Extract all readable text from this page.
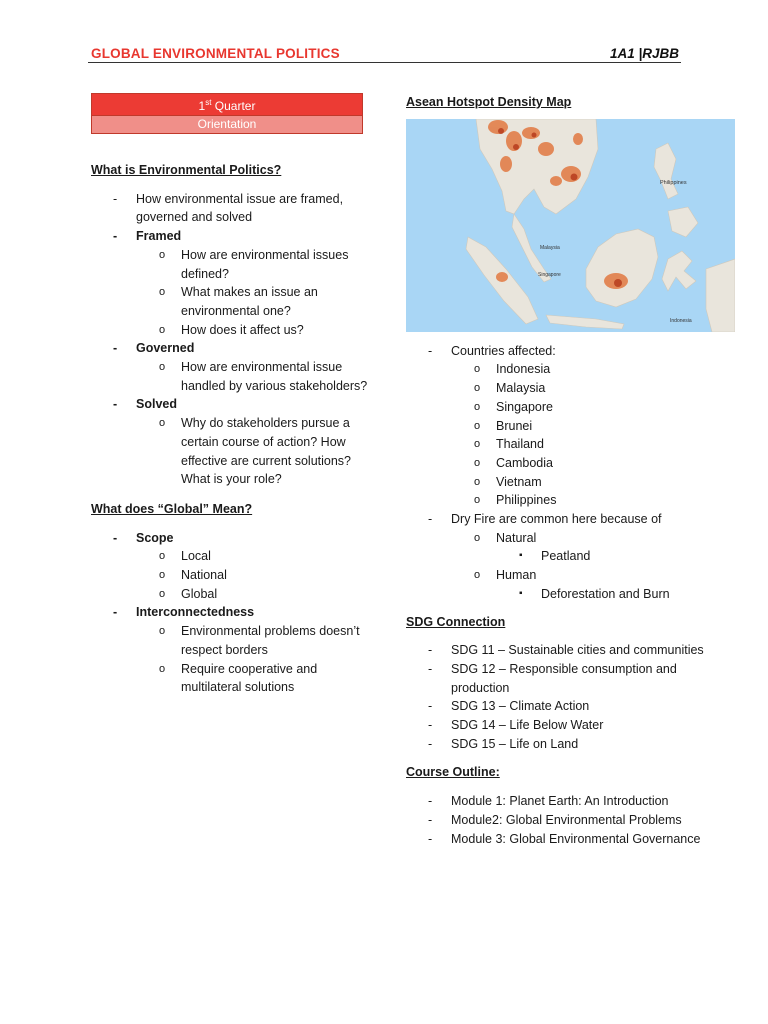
GLOBAL ENVIRONMENTAL POLITICS	1A1 |RJBB
1st Quarter
Orientation

What is Environmental Politics?

- How environmental issue are framed, governed and solved
- Framed
o How are environmental issues defined?
o What makes an issue an environmental one?
o How does it affect us?
- Governed
o How are environmental issue handled by various stakeholders?
- Solved
o Why do stakeholders pursue a certain course of action? How effective are current solutions? What is your role?

What does “Global” Mean?

- Scope
o Local
o National
o Global
- Interconnectedness
o Environmental problems doesn’t respect borders
o Require cooperative and multilateral solutions

Asean Hotspot Density Map

Philippines
Malaysia
Singapore
Indonesia
- Countries affected:
o Indonesia
o Malaysia
o Singapore
o Brunei
o Thailand
o Cambodia
o Vietnam
o Philippines
- Dry Fire are common here because of
o Natural
▪ Peatland
o Human
▪ Deforestation and Burn

SDG Connection

- SDG 11 – Sustainable cities and communities
- SDG 12 – Responsible consumption and production
- SDG 13 – Climate Action
- SDG 14 – Life Below Water
- SDG 15 – Life on Land

Course Outline:

- Module 1: Planet Earth: An Introduction
- Module2: Global Environmental Problems
- Module 3: Global Environmental Governance
